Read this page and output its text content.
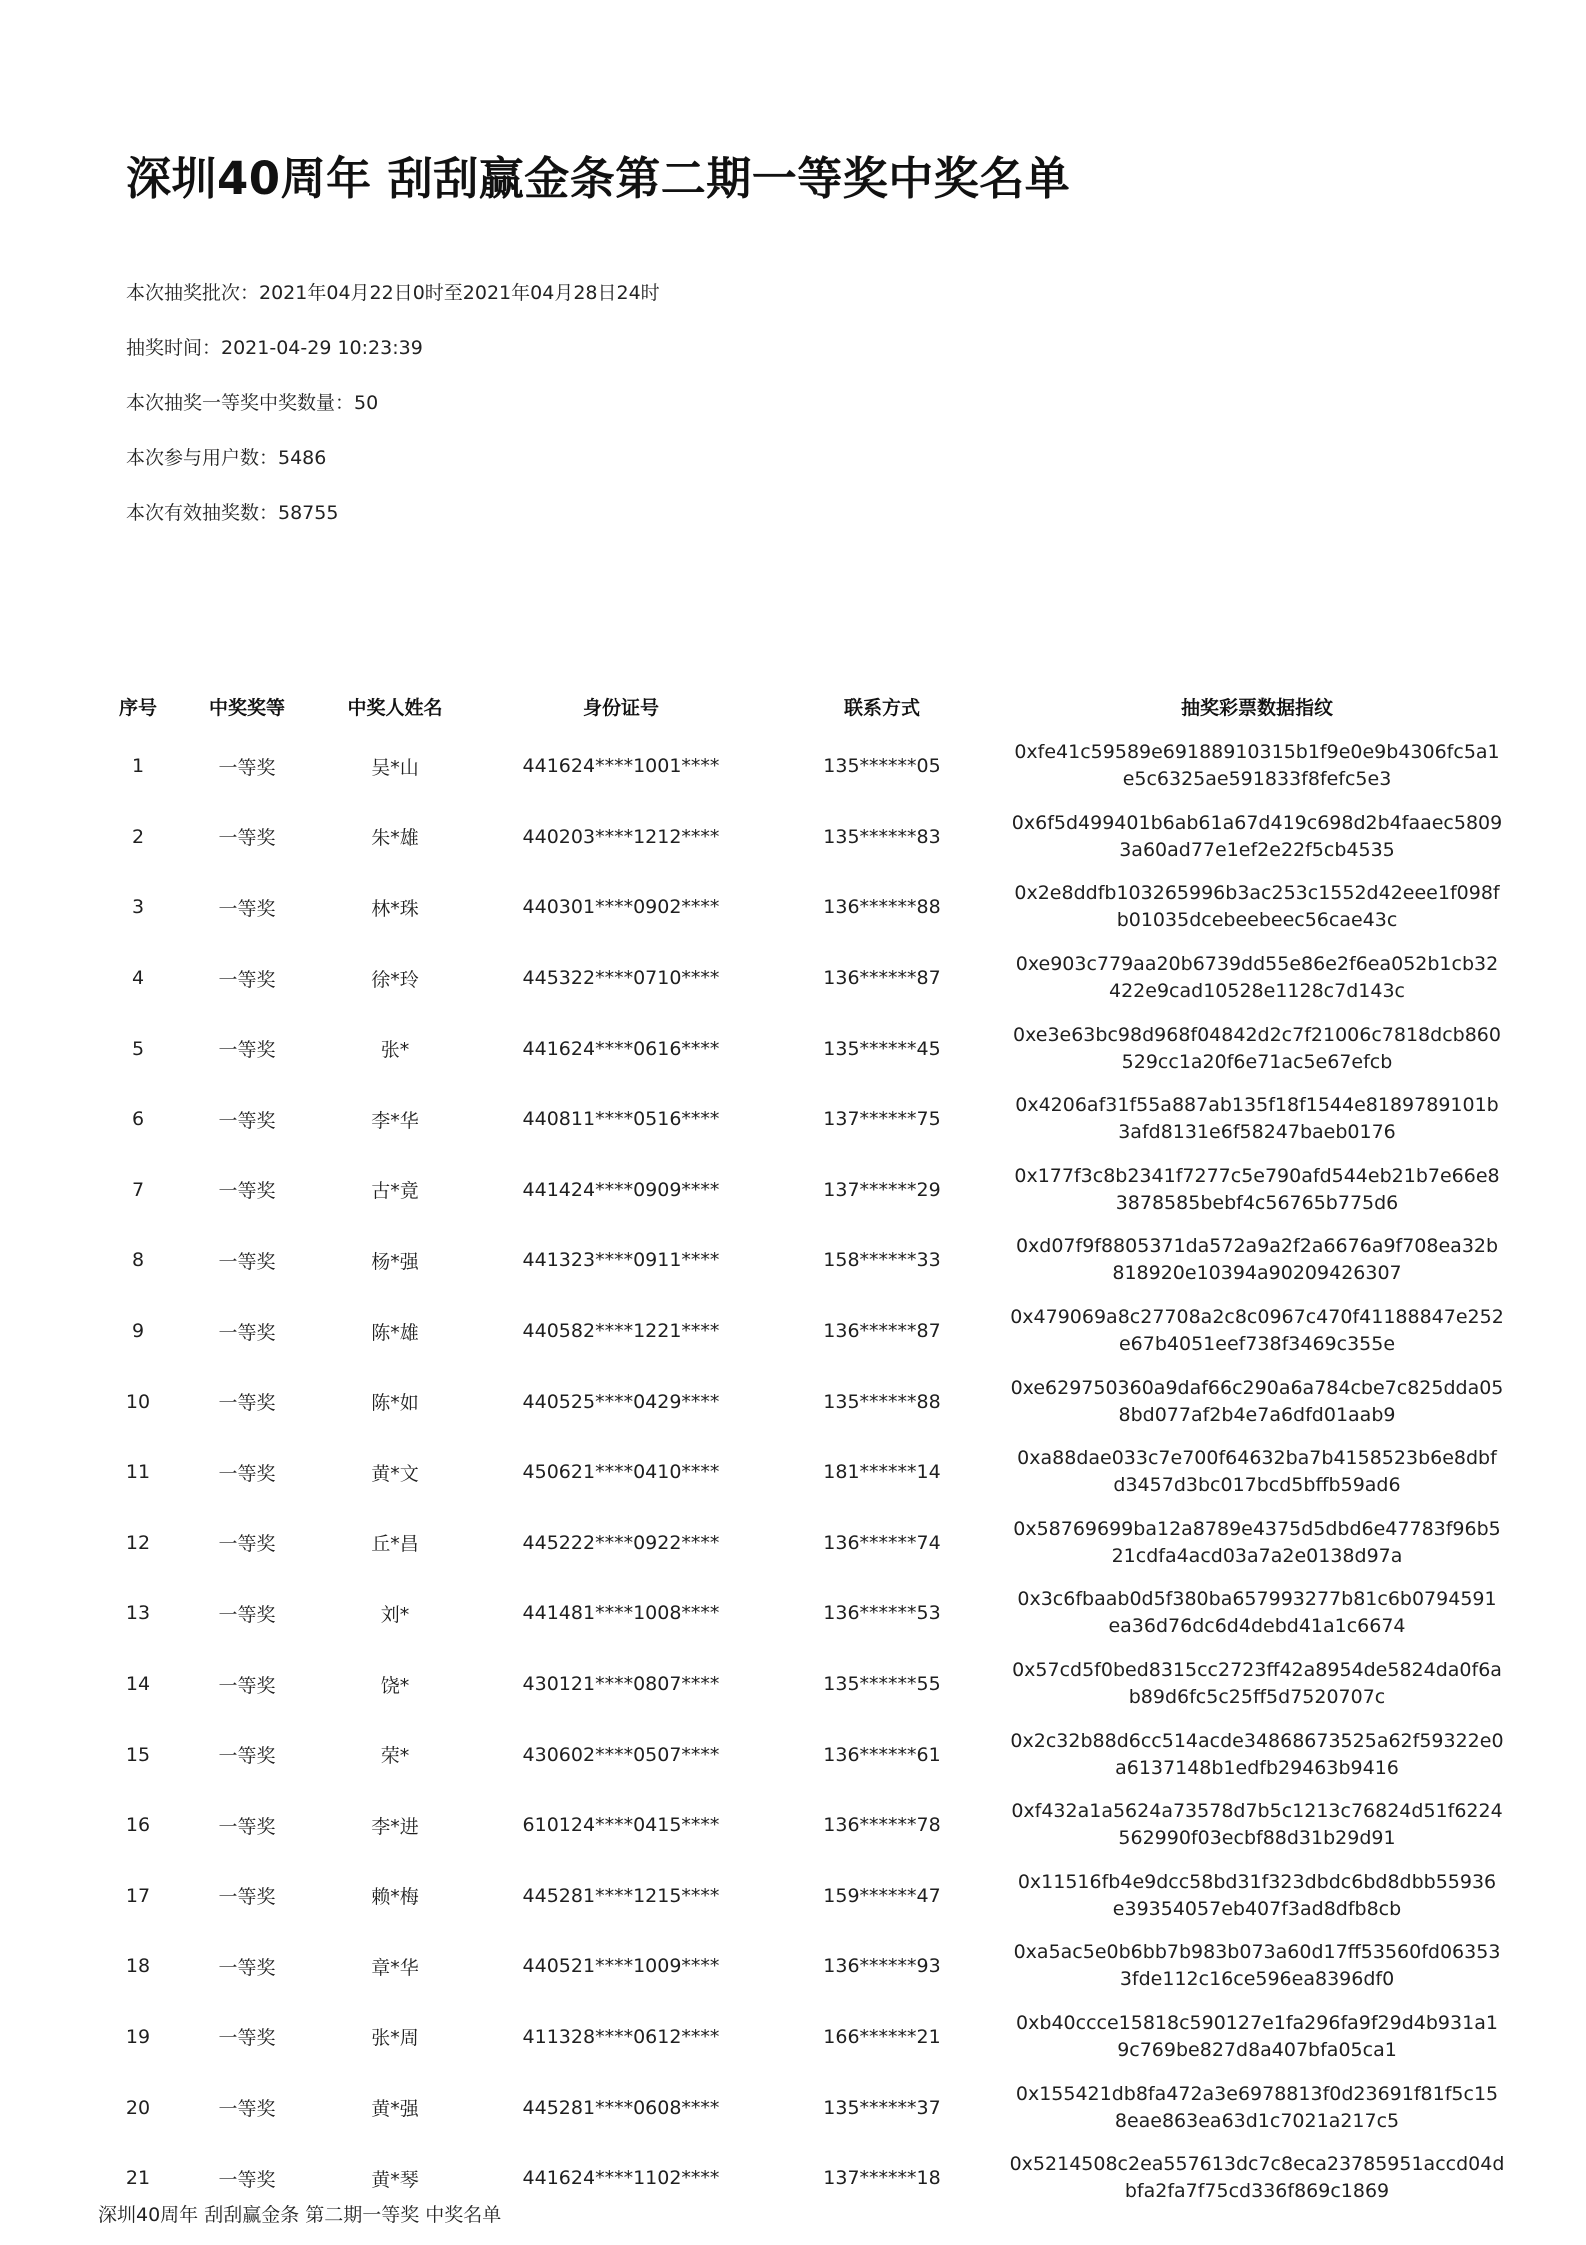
深圳40周年 刮刮赢金条第二期一等奖中奖名单
本次抽奖批次：2021年04月22日0时至2021年04月28日24时
抽奖时间：2021-04-29 10:23:39
本次抽奖一等奖中奖数量：50
本次参与用户数：5486
本次有效抽奖数：58755
序号	中奖奖等	中奖人姓名	身份证号	联系方式	抽奖彩票数据指纹
1	一等奖	吴*山	441624****1001****	135******05	0xfe41c59589e69188910315b1f9e0e9b4306fc5a1
e5c6325ae591833f8fefc5e3

2	一等奖	朱*雄	440203****1212****	135******83	0x6f5d499401b6ab61a67d419c698d2b4faaec5809
3a60ad77e1ef2e22f5cb4535

3	一等奖	林*珠	440301****0902****	136******88	0x2e8ddfb103265996b3ac253c1552d42eee1f098f
b01035dcebeebeec56cae43c

4	一等奖	徐*玲	445322****0710****	136******87	0xe903c779aa20b6739dd55e86e2f6ea052b1cb32
422e9cad10528e1128c7d143c

5	一等奖	张*	441624****0616****	135******45	0xe3e63bc98d968f04842d2c7f21006c7818dcb860
529cc1a20f6e71ac5e67efcb

6	一等奖	李*华	440811****0516****	137******75	0x4206af31f55a887ab135f18f1544e8189789101b
3afd8131e6f58247baeb0176

7	一等奖	古*竟	441424****0909****	137******29	0x177f3c8b2341f7277c5e790afd544eb21b7e66e8
3878585bebf4c56765b775d6

8	一等奖	杨*强	441323****0911****	158******33	0xd07f9f8805371da572a9a2f2a6676a9f708ea32b
818920e10394a90209426307

9	一等奖	陈*雄	440582****1221****	136******87	0x479069a8c27708a2c8c0967c470f41188847e252
e67b4051eef738f3469c355e

10	一等奖	陈*如	440525****0429****	135******88	0xe629750360a9daf66c290a6a784cbe7c825dda05
8bd077af2b4e7a6dfd01aab9

11	一等奖	黄*文	450621****0410****	181******14	0xa88dae033c7e700f64632ba7b4158523b6e8dbf
d3457d3bc017bcd5bffb59ad6

12	一等奖	丘*昌	445222****0922****	136******74	0x58769699ba12a8789e4375d5dbd6e47783f96b5
21cdfa4acd03a7a2e0138d97a

13	一等奖	刘*	441481****1008****	136******53	0x3c6fbaab0d5f380ba657993277b81c6b0794591
ea36d76dc6d4debd41a1c6674

14	一等奖	饶*	430121****0807****	135******55	0x57cd5f0bed8315cc2723ff42a8954de5824da0f6a
b89d6fc5c25ff5d7520707c

15	一等奖	荣*	430602****0507****	136******61	0x2c32b88d6cc514acde34868673525a62f59322e0
a6137148b1edfb29463b9416

16	一等奖	李*进	610124****0415****	136******78	0xf432a1a5624a73578d7b5c1213c76824d51f6224
562990f03ecbf88d31b29d91

17	一等奖	赖*梅	445281****1215****	159******47	0x11516fb4e9dcc58bd31f323dbdc6bd8dbb55936
e39354057eb407f3ad8dfb8cb

18	一等奖	章*华	440521****1009****	136******93	0xa5ac5e0b6bb7b983b073a60d17ff53560fd06353
3fde112c16ce596ea8396df0

19	一等奖	张*周	411328****0612****	166******21	0xb40ccce15818c590127e1fa296fa9f29d4b931a1
9c769be827d8a407bfa05ca1

20	一等奖	黄*强	445281****0608****	135******37	0x155421db8fa472a3e6978813f0d23691f81f5c15
8eae863ea63d1c7021a217c5

21	一等奖	黄*琴	441624****1102****	137******18	0x5214508c2ea557613dc7c8eca23785951accd04d
bfa2fa7f75cd336f869c1869
深圳40周年 刮刮赢金条 第二期一等奖 中奖名单
